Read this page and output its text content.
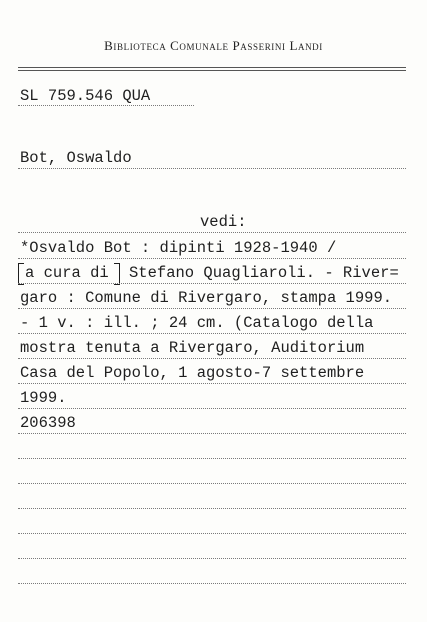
Biblioteca Comunale Passerini Landi
SL 759.546 QUA
Bot, Oswaldo
vedi:
*Osvaldo Bot : dipinti 1928-1940 /
a cura di Stefano Quagliaroli. - River=
garo : Comune di Rivergaro, stampa 1999.
- 1 v. : ill. ; 24 cm. (Catalogo della
mostra tenuta a Rivergaro, Auditorium
Casa del Popolo, 1 agosto-7 settembre
1999.
206398
